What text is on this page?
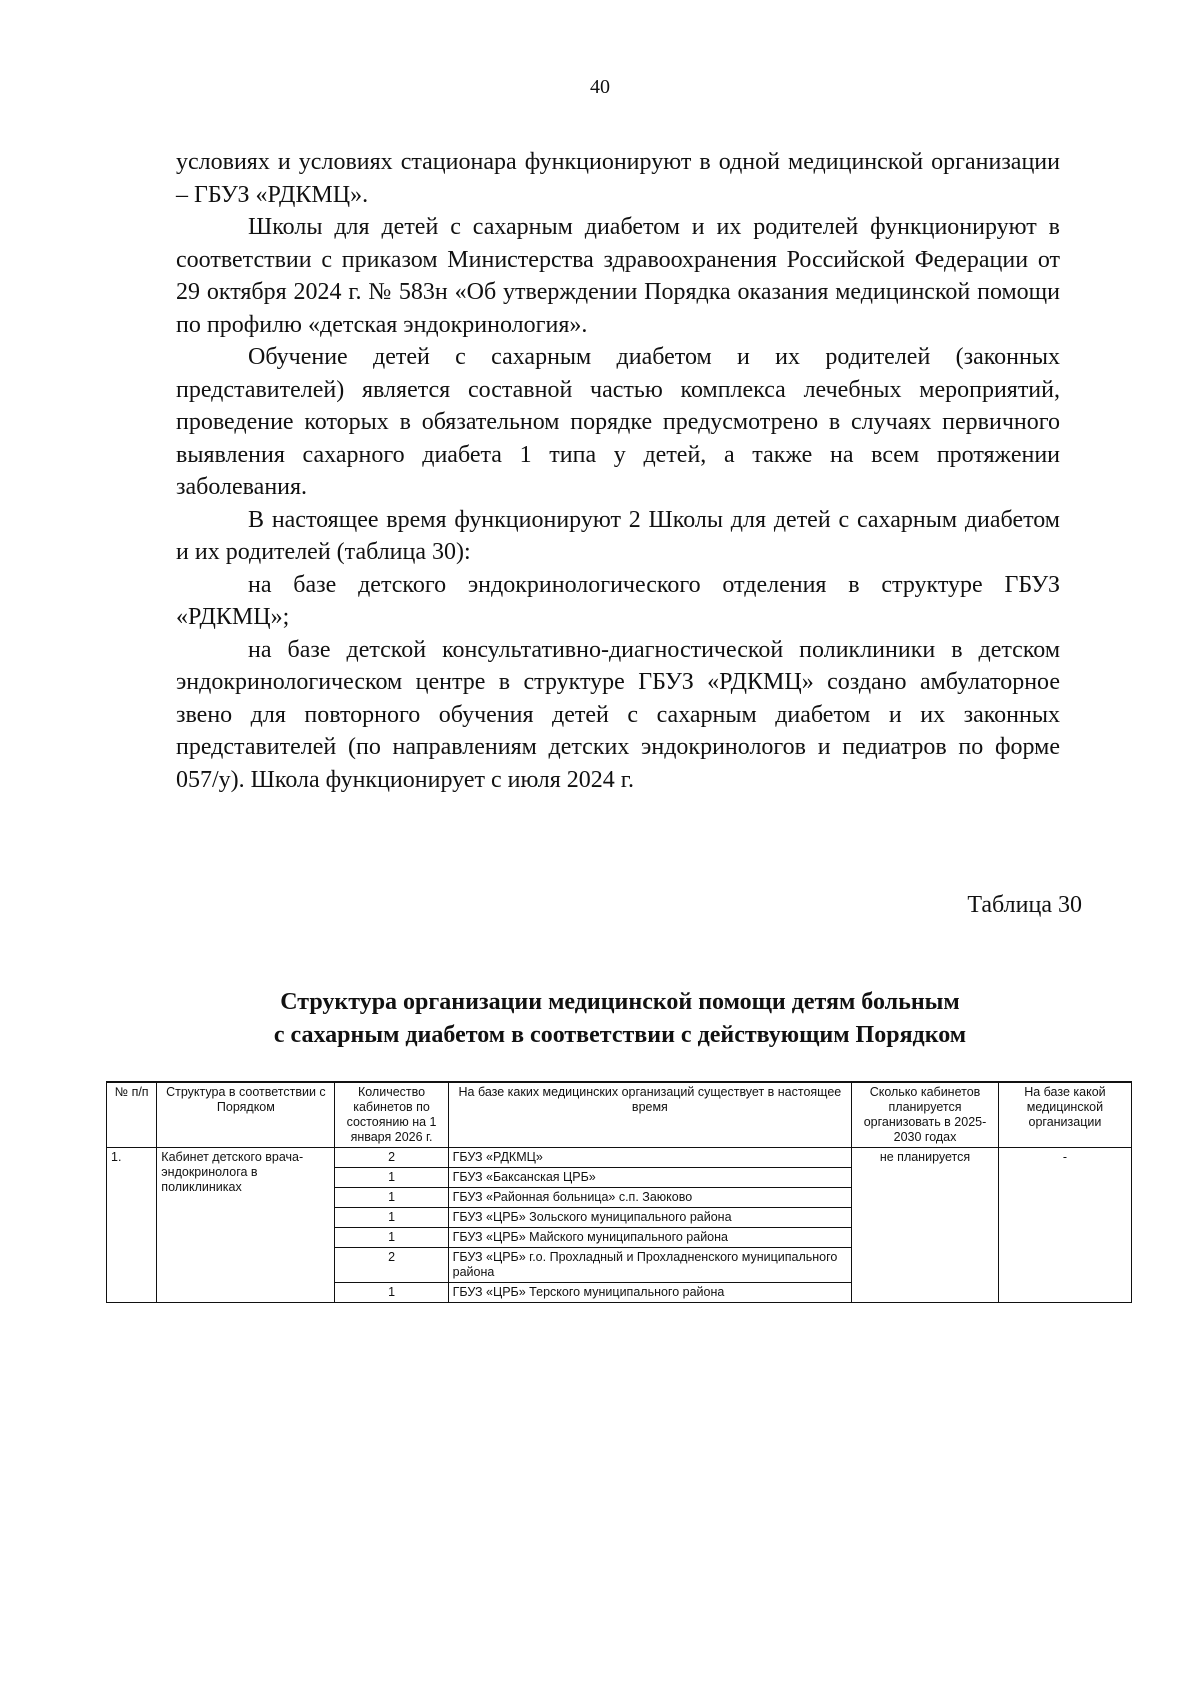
40

условиях и условиях стационара функционируют в одной медицинской организации – ГБУЗ «РДКМЦ».

Школы для детей с сахарным диабетом и их родителей функционируют в соответствии с приказом Министерства здравоохранения Российской Федерации от 29 октября 2024 г. № 583н «Об утверждении Порядка оказания медицинской помощи по профилю «детская эндокринология».

Обучение детей с сахарным диабетом и их родителей (законных представителей) является составной частью комплекса лечебных мероприятий, проведение которых в обязательном порядке предусмотрено в случаях первичного выявления сахарного диабета 1 типа у детей, а также на всем протяжении заболевания.

В настоящее время функционируют 2 Школы для детей с сахарным диабетом и их родителей (таблица 30):

на базе детского эндокринологического отделения в структуре ГБУЗ «РДКМЦ»;

на базе детской консультативно-диагностической поликлиники в детском эндокринологическом центре в структуре ГБУЗ «РДКМЦ» создано амбулаторное звено для повторного обучения детей с сахарным диабетом и их законных представителей (по направлениям детских эндокринологов и педиатров по форме 057/у). Школа функционирует с июля 2024 г.

Таблица 30
Структура организации медицинской помощи детям больным
с сахарным диабетом в соответствии с действующим Порядком
№ п/п	Структура в соответствии с Порядком	Количество кабинетов по состоянию на 1 января 2026 г.	На базе каких медицинских организаций существует в настоящее время	Сколько кабинетов планируется организовать в 2025-2030 годах	На базе какой медицинской организации
1.	Кабинет детского врача-эндокринолога в поликлиниках	2	ГБУЗ «РДКМЦ»	не планируется	-
		1	ГБУЗ «Баксанская ЦРБ»		
		1	ГБУЗ «Районная больница» с.п. Заюково		
		1	ГБУЗ «ЦРБ» Зольского муниципального района		
		1	ГБУЗ «ЦРБ» Майского муниципального района		
		2	ГБУЗ «ЦРБ» г.о. Прохладный и Прохладненского муниципального района		
		1	ГБУЗ «ЦРБ» Терского муниципального района		
